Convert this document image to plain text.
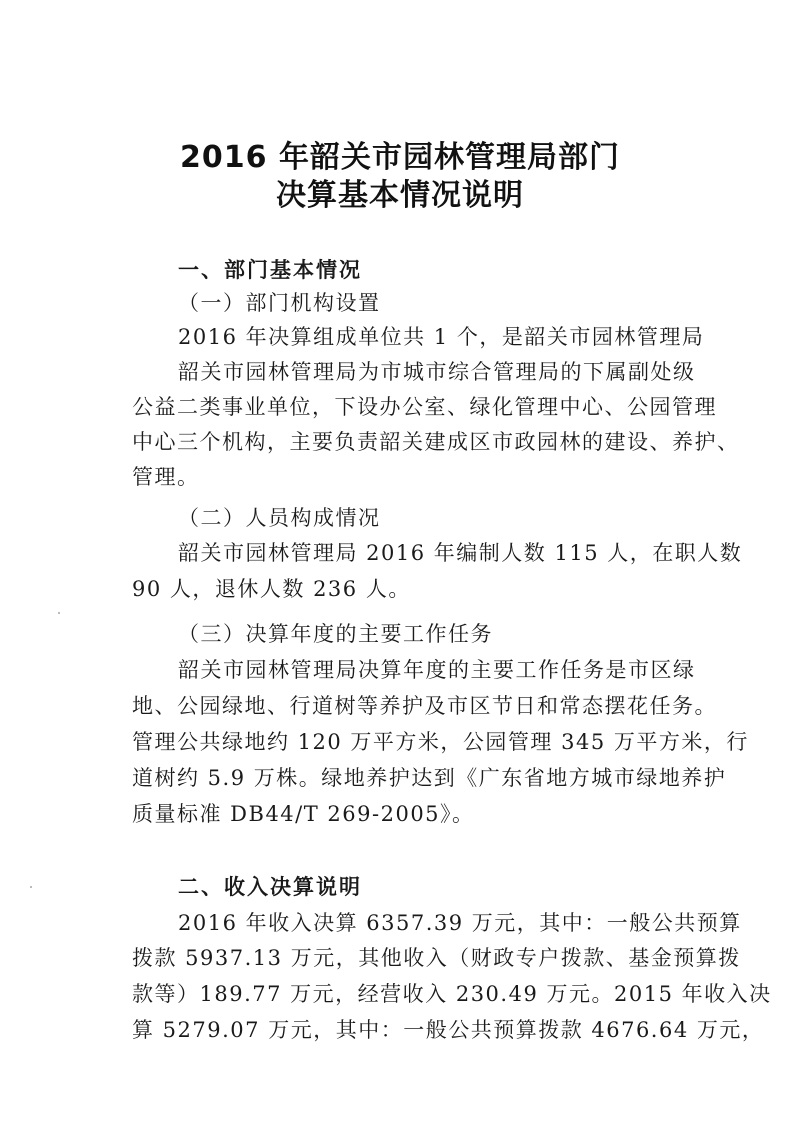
2016 年韶关市园林管理局部门
决算基本情况说明
一、部门基本情况
（一）部门机构设置
2016 年决算组成单位共 1 个，是韶关市园林管理局
韶关市园林管理局为市城市综合管理局的下属副处级
公益二类事业单位，下设办公室、绿化管理中心、公园管理
中心三个机构，主要负责韶关建成区市政园林的建设、养护、
管理。
（二）人员构成情况
韶关市园林管理局 2016 年编制人数 115 人，在职人数
90 人，退休人数 236 人。
（三）决算年度的主要工作任务
韶关市园林管理局决算年度的主要工作任务是市区绿
地、公园绿地、行道树等养护及市区节日和常态摆花任务。
管理公共绿地约 120 万平方米，公园管理 345 万平方米，行
道树约 5.9 万株。绿地养护达到《广东省地方城市绿地养护
质量标准 DB44/T 269-2005》。
二、收入决算说明
2016 年收入决算 6357.39 万元，其中：一般公共预算
拨款 5937.13 万元，其他收入（财政专户拨款、基金预算拨
款等）189.77 万元，经营收入 230.49 万元。2015 年收入决
算 5279.07 万元，其中：一般公共预算拨款 4676.64 万元，
